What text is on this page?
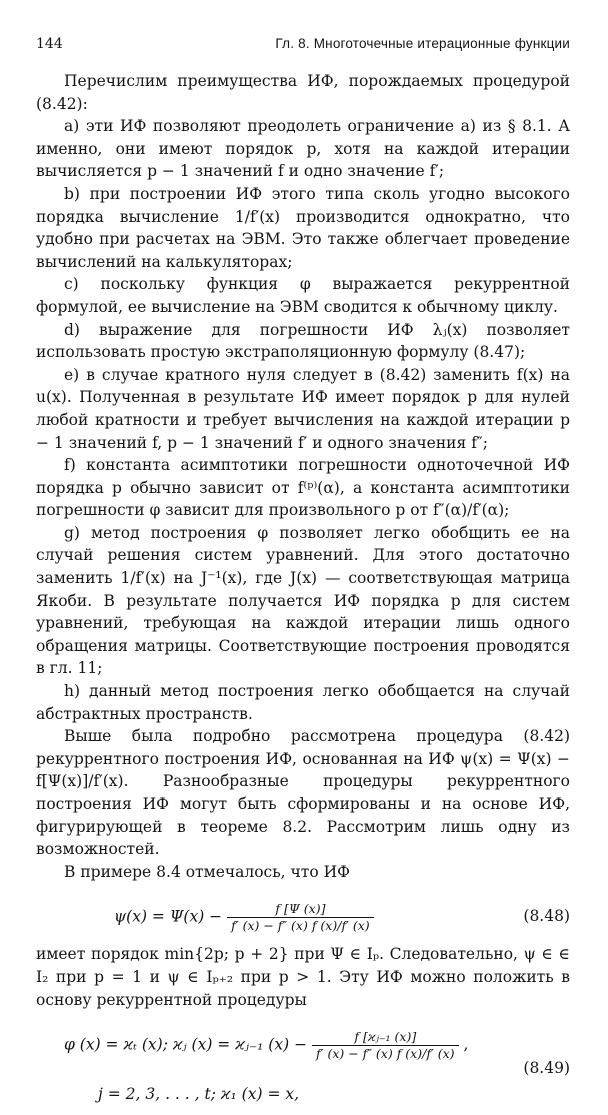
144	Гл. 8. Многоточечные итерационные функции

Перечислим преимущества ИФ, порождаемых процедурой (8.42):

a) эти ИФ позволяют преодолеть ограничение а) из § 8.1. А именно, они имеют порядок p, хотя на каждой итерации вычисляется p − 1 значений f и одно значение f′;

b) при построении ИФ этого типа сколь угодно высокого порядка вычисление 1/f′(x) производится однократно, что удобно при расчетах на ЭВМ. Это также облегчает проведение вычислений на калькуляторах;

c) поскольку функция φ выражается рекуррентной формулой, ее вычисление на ЭВМ сводится к обычному циклу.

d) выражение для погрешности ИФ λⱼ(x) позволяет использовать простую экстраполяционную формулу (8.47);

e) в случае кратного нуля следует в (8.42) заменить f(x) на u(x). Полученная в результате ИФ имеет порядок p для нулей любой кратности и требует вычисления на каждой итерации p − 1 значений f, p − 1 значений f′ и одного значения f″;

f) константа асимптотики погрешности одноточечной ИФ порядка p обычно зависит от f⁽ᵖ⁾(α), а константа асимптотики погрешности φ зависит для произвольного p от f″(α)/f′(α);

g) метод построения φ позволяет легко обобщить ее на случай решения систем уравнений. Для этого достаточно заменить 1/f′(x) на J⁻¹(x), где J(x) — соответствующая матрица Якоби. В результате получается ИФ порядка p для систем уравнений, требующая на каждой итерации лишь одного обращения матрицы. Соответствующие построения проводятся в гл. 11;

h) данный метод построения легко обобщается на случай абстрактных пространств.

Выше была подробно рассмотрена процедура (8.42) рекуррентного построения ИФ, основанная на ИФ ψ(x) = Ψ(x) − f[Ψ(x)]/f′(x). Разнообразные процедуры рекуррентного построения ИФ могут быть сформированы и на основе ИФ, фигурирующей в теореме 8.2. Рассмотрим лишь одну из возможностей.

В примере 8.4 отмечалось, что ИФ

$\psi(x) = \Psi(x) - \frac{f [\Psi (x)]}{f' (x) - f'' (x) f (x)/f' (x)}$	(8.48)

имеет порядок min{2p; p + 2} при Ψ ∈ Iₚ. Следовательно, ψ ∈ ∈ I₂ при p = 1 и ψ ∈ Iₚ₊₂ при p > 1. Эту ИФ можно положить в основу рекуррентной процедуры

φ (x) = ϰₜ (x); ϰⱼ (x) = ϰⱼ₋₁ $(x) - \frac{\text{f [ϰⱼ₋₁ (x)]}}{f' (x) - f'' (x) f (x)/f' (x)}$ ,
(8.49)
j = 2, 3, . . . , t; ϰ₁ (x) = x,
